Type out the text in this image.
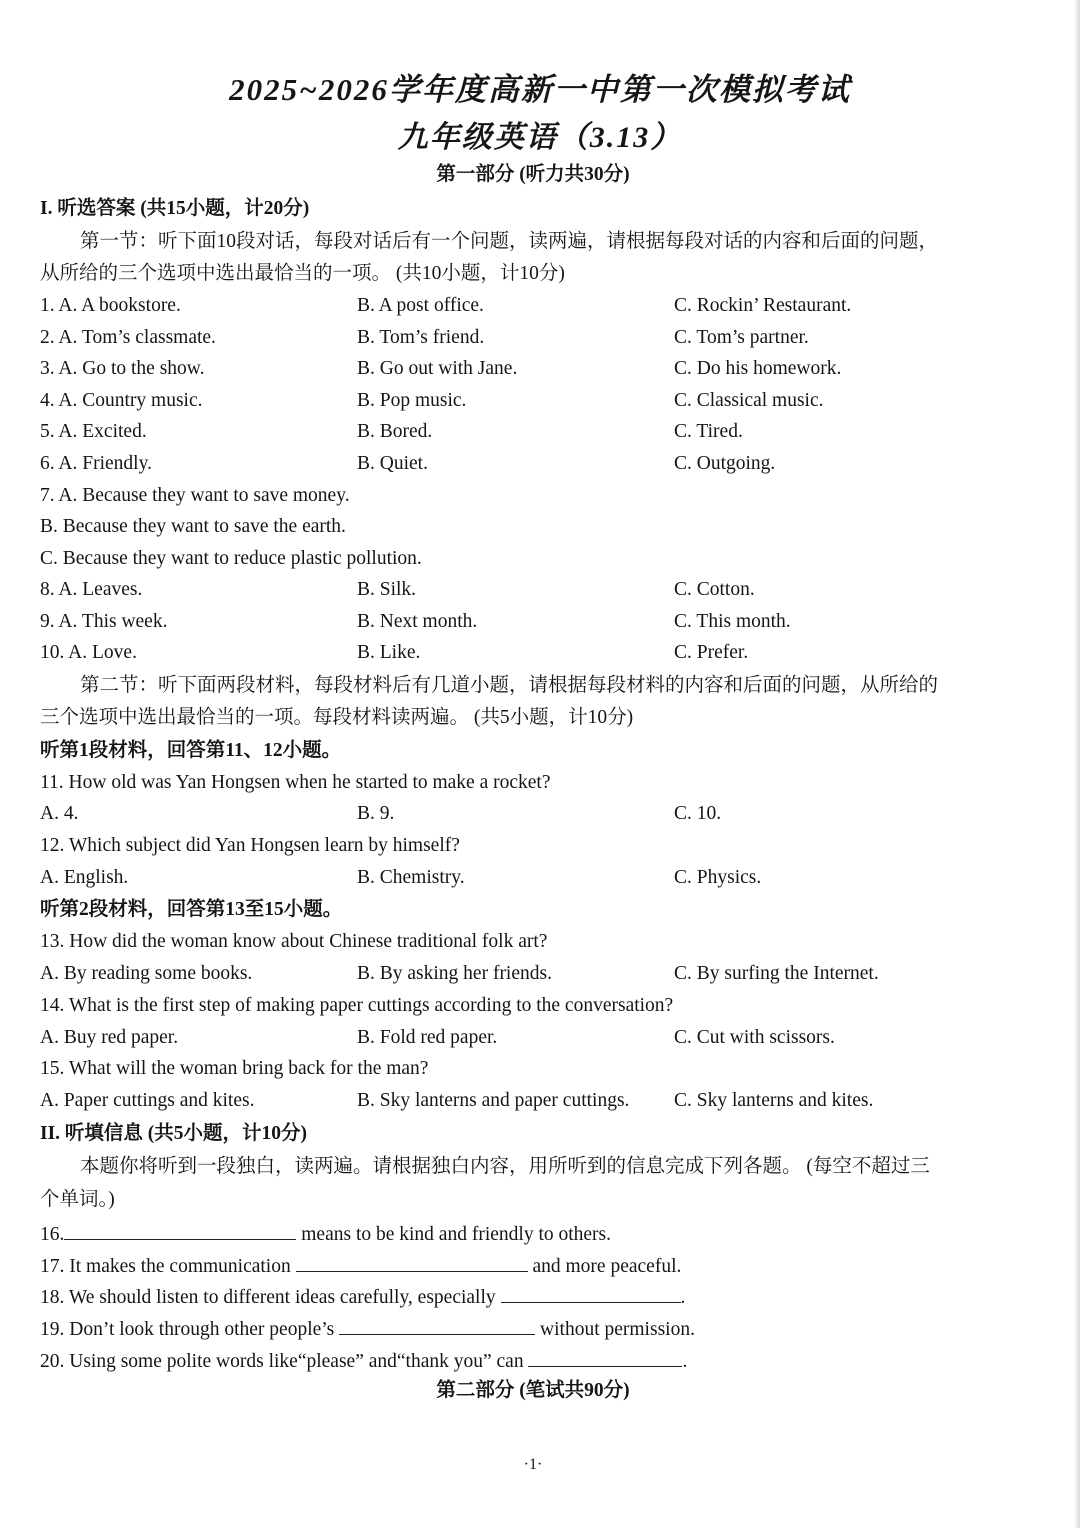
2025~2026学年度高新一中第一次模拟考试
九年级英语（3.13）
第一部分 (听力共30分)
I. 听选答案 (共15小题，计20分)
第一节：听下面10段对话，每段对话后有一个问题，读两遍，请根据每段对话的内容和后面的问题，
从所给的三个选项中选出最恰当的一项。 (共10小题，计10分)
1. A. A bookstore.	B. A post office.	C. Rockin’ Restaurant.
2. A. Tom’s classmate.	B. Tom’s friend.	C. Tom’s partner.
3. A. Go to the show.	B. Go out with Jane.	C. Do his homework.
4. A. Country music.	B. Pop music.	C. Classical music.
5. A. Excited.	B. Bored.	C. Tired.
6. A. Friendly.	B. Quiet.	C. Outgoing.
7. A. Because they want to save money.
B. Because they want to save the earth.
C. Because they want to reduce plastic pollution.
8. A. Leaves.	B. Silk.	C. Cotton.
9. A. This week.	B. Next month.	C. This month.
10. A. Love.	B. Like.	C. Prefer.
第二节：听下面两段材料，每段材料后有几道小题，请根据每段材料的内容和后面的问题，从所给的
三个选项中选出最恰当的一项。每段材料读两遍。 (共5小题，计10分)
听第1段材料，回答第11、12小题。
11. How old was Yan Hongsen when he started to make a rocket?
A. 4.	B. 9.	C. 10.
12. Which subject did Yan Hongsen learn by himself?
A. English.	B. Chemistry.	C. Physics.
听第2段材料，回答第13至15小题。
13. How did the woman know about Chinese traditional folk art?
A. By reading some books.	B. By asking her friends.	C. By surfing the Internet.
14. What is the first step of making paper cuttings according to the conversation?
A. Buy red paper.	B. Fold red paper.	C. Cut with scissors.
15. What will the woman bring back for the man?
A. Paper cuttings and kites.	B. Sky lanterns and paper cuttings. C. Sky lanterns and kites.
II. 听填信息 (共5小题，计10分)
本题你将听到一段独白，读两遍。请根据独白内容，用所听到的信息完成下列各题。 (每空不超过三
个单词。)
16.	means to be kind and friendly to others.
17. It makes the communication	and more peaceful.
18. We should listen to different ideas carefully, especially	.
19. Don’t look through other people’s	without permission.
20. Using some polite words like“please” and“thank you” can	.
第二部分 (笔试共90分)
·1·
